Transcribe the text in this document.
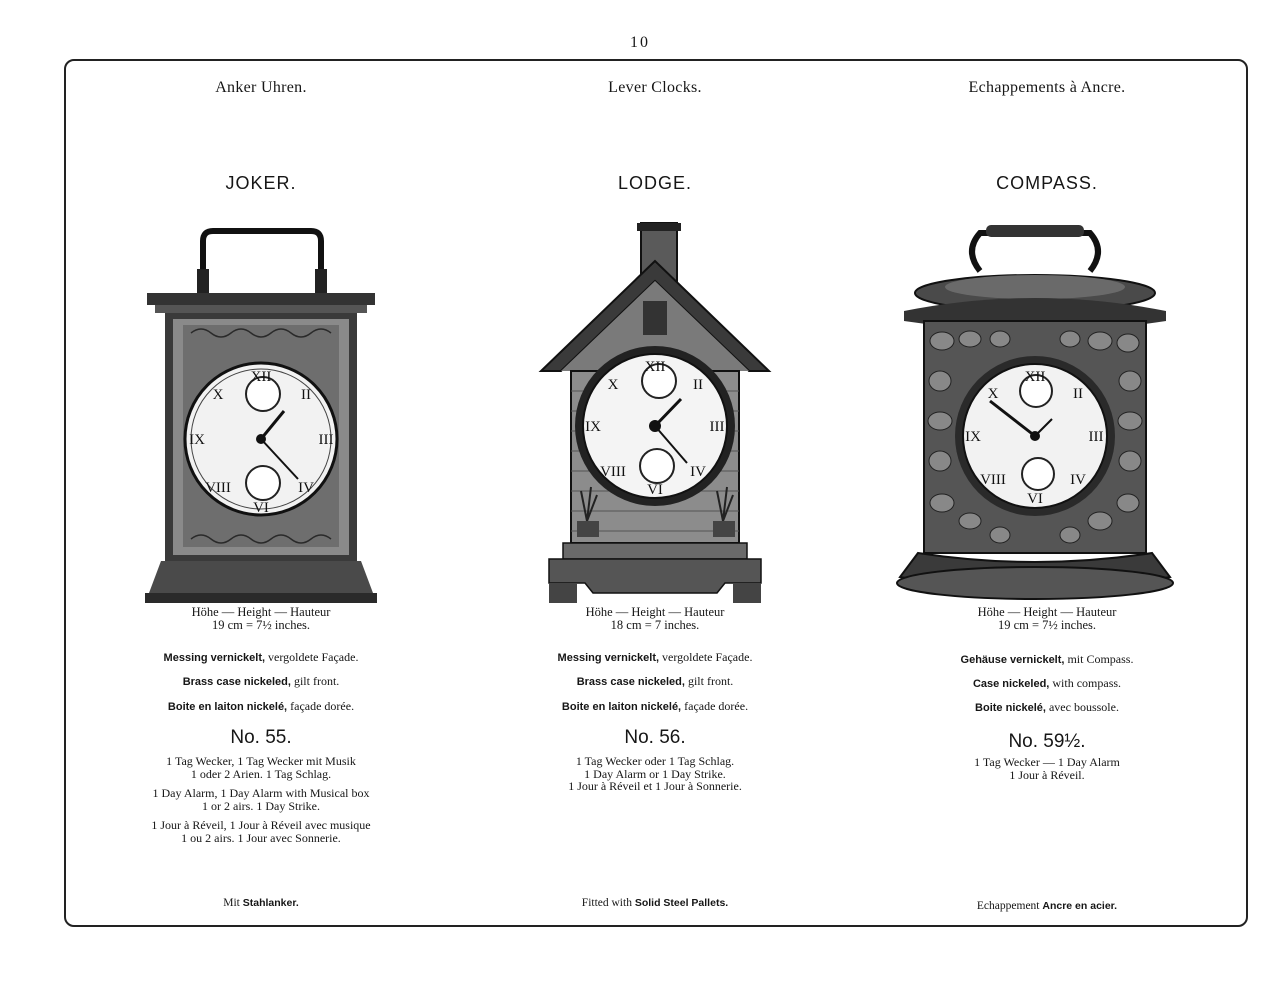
10
Anker Uhren.
JOKER.
XII
III
VI
IX
II
X
IV
VIII
Höhe — Height — Hauteur
19 cm = 7½ inches.
Messing vernickelt, vergoldete Façade.
Brass case nickeled, gilt front.
Boite en laiton nickelé, façade dorée.
No. 55.

1 Tag Wecker, 1 Tag Wecker mit Musik
1 oder 2 Arien. 1 Tag Schlag.

1 Day Alarm, 1 Day Alarm with Musical box
1 or 2 airs. 1 Day Strike.

1 Jour à Réveil, 1 Jour à Réveil avec musique
1 ou 2 airs. 1 Jour avec Sonnerie.

Mit Stahlanker.
Lever Clocks.
LODGE.
XII
III
VI
IX
II
X
IV
VIII
Höhe — Height — Hauteur
18 cm = 7 inches.
Messing vernickelt, vergoldete Façade.
Brass case nickeled, gilt front.
Boite en laiton nickelé, façade dorée.
No. 56.

1 Tag Wecker oder 1 Tag Schlag.
1 Day Alarm or 1 Day Strike.
1 Jour à Réveil et 1 Jour à Sonnerie.

Fitted with Solid Steel Pallets.
Echappements à Ancre.
COMPASS.
XII
III
VI
IX
II
X
IV
VIII
Höhe — Height — Hauteur
19 cm = 7½ inches.
Gehäuse vernickelt, mit Compass.
Case nickeled, with compass.
Boite nickelé, avec boussole.
No. 59½.

1 Tag Wecker — 1 Day Alarm
1 Jour à Réveil.

Echappement Ancre en acier.
